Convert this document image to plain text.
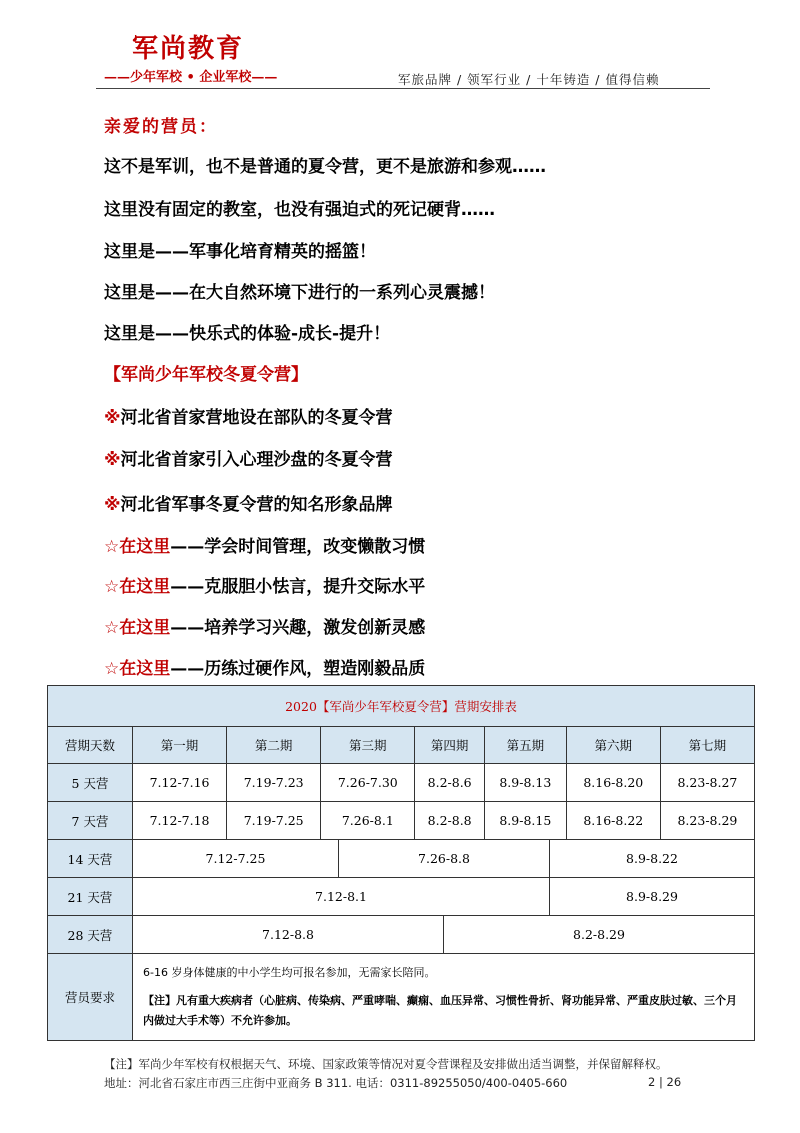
军尚教育
——少年军校 • 企业军校——	军旅品牌 / 领军行业 / 十年铸造 / 值得信赖
亲爱的营员：
这不是军训，也不是普通的夏令营，更不是旅游和参观……
这里没有固定的教室，也没有强迫式的死记硬背……
这里是——军事化培育精英的摇篮！
这里是——在大自然环境下进行的一系列心灵震撼！
这里是——快乐式的体验-成长-提升！
【军尚少年军校冬夏令营】
※河北省首家营地设在部队的冬夏令营
※河北省首家引入心理沙盘的冬夏令营
※河北省军事冬夏令营的知名形象品牌
☆在这里——学会时间管理，改变懒散习惯
☆在这里——克服胆小怯言，提升交际水平
☆在这里——培养学习兴趣，激发创新灵感
☆在这里——历练过硬作风，塑造刚毅品质
2020【军尚少年军校夏令营】营期安排表							
营期天数	第一期	第二期	第三期	第四期	第五期	第六期	第七期
5 天营	7.12-7.16	7.19-7.23	7.26-7.30	8.2-8.6	8.9-8.13	8.16-8.20	8.23-8.27
7 天营	7.12-7.18	7.19-7.25	7.26-8.1	8.2-8.8	8.9-8.15	8.16-8.22	8.23-8.29
14 天营	7.12-7.25	7.26-8.8	8.9-8.22
21 天营	7.12-8.1		8.9-8.29
28 天营	7.12-8.8	8.2-8.29
营员要求	6-16 岁身体健康的中小学生均可报名参加，无需家长陪同。
【注】凡有重大疾病者（心脏病、传染病、严重哮喘、癫痫、血压异常、习惯性骨折、肾功能异常、严重皮肤过敏、三个月内做过大手术等）不允许参加。	
【注】军尚少年军校有权根据天气、环境、国家政策等情况对夏令营课程及安排做出适当调整，并保留解释权。
地址：河北省石家庄市西三庄街中亚商务 B 311. 电话：0311-89255050/400-0405-660	2 | 26
